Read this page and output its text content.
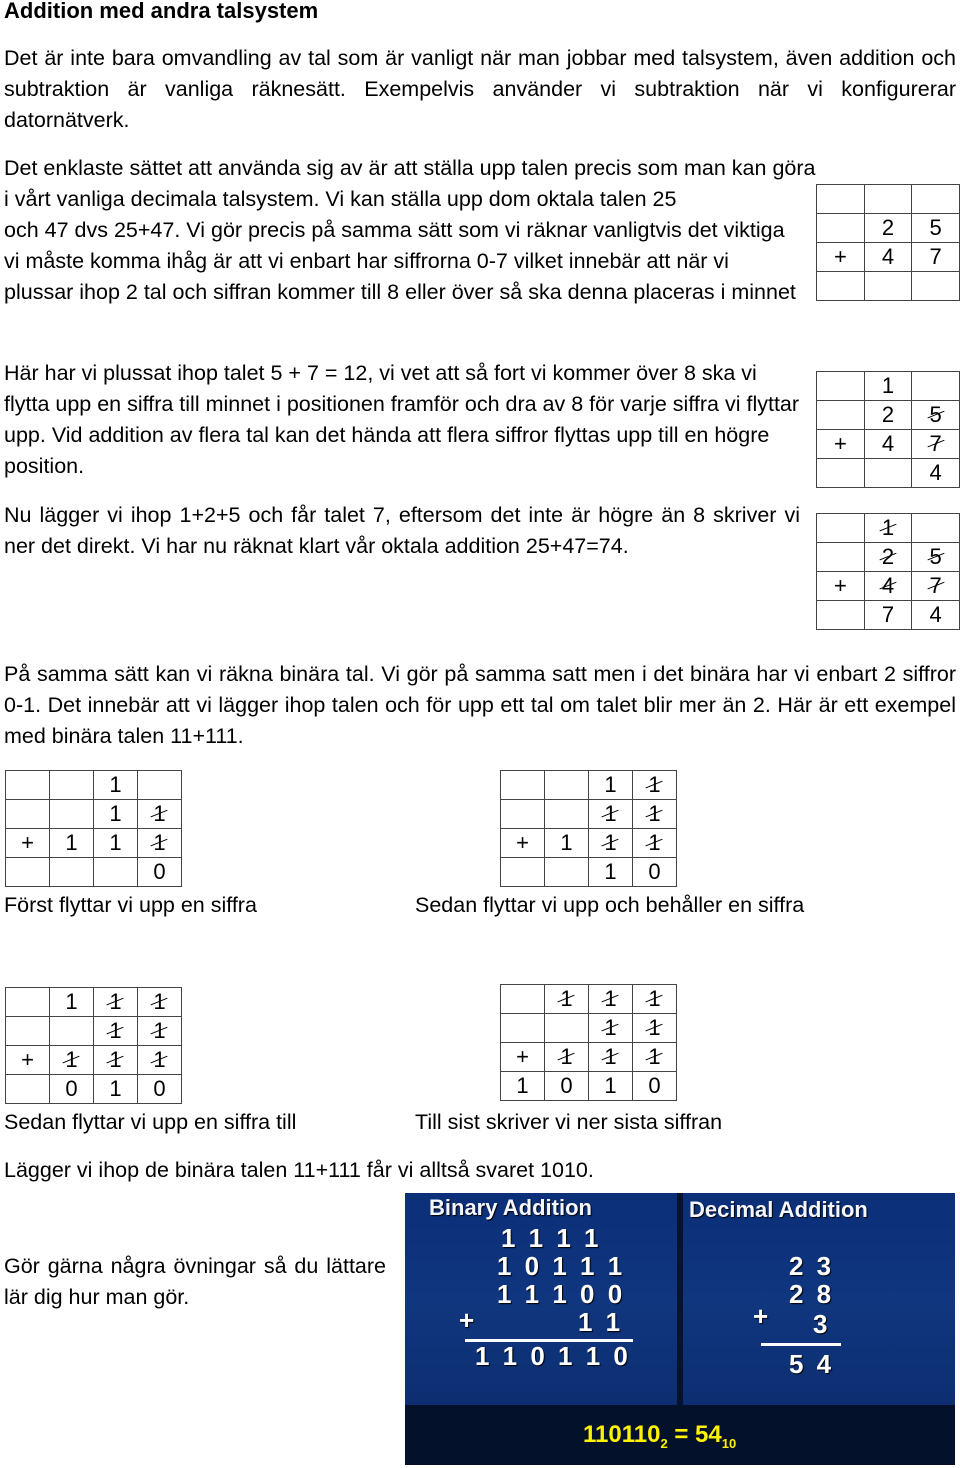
Addition med andra talsystem

Det är inte bara omvandling av tal som är vanligt när man jobbar med talsystem, även addition och subtraktion är vanliga räknesätt. Exempelvis använder vi subtraktion när vi konfigurerar datornätverk.

Det enklaste sättet att använda sig av är att ställa upp talen precis som man kan göra
i vårt vanliga decimala talsystem. Vi kan ställa upp dom oktala talen 25

och 47 dvs 25+47. Vi gör precis på samma sätt som vi räknar vanligtvis det viktiga vi måste komma ihåg är att vi enbart har siffrorna 0-7 vilket innebär att när vi plussar ihop 2 tal och siffran kommer till 8 eller över så ska denna placeras i minnet

	2	5
+	4	7

Här har vi plussat ihop talet 5 + 7 = 12, vi vet att så fort vi kommer över 8 ska vi flytta upp en siffra till minnet i positionen framför och dra av 8 för varje siffra vi flyttar upp. Vid addition av flera tal kan det hända att flera siffror flyttas upp till en högre position.

	1	
	2	5
+	4	7
		4

Nu lägger vi ihop 1+2+5 och får talet 7, eftersom det inte är högre än 8 skriver vi ner det direkt. Vi har nu räknat klart vår oktala addition 25+47=74.

	1	
	2	5
+	4	7
	7	4

På samma sätt kan vi räkna binära tal. Vi gör på samma satt men i det binära har vi enbart 2 siffror 0-1. Det innebär att vi lägger ihop talen och för upp ett tal om talet blir mer än 2. Här är ett exempel med binära talen 11+111.

		1	
		1	1
+	1	1	1
			0
Först flyttar vi upp en siffra
		1	1
		1	1
+	1	1	1
		1	0
Sedan flyttar vi upp och behåller en siffra
	1	1	1
		1	1
+	1	1	1
	0	1	0
Sedan flyttar vi upp en siffra till
	1	1	1
		1	1
+	1	1	1
1	0	1	0
Till sist skriver vi ner sista siffran
Lägger vi ihop de binära talen 11+111 får vi alltså svaret 1010.

Gör gärna några övningar så du lättare lär dig hur man gör.

Binary Addition	Decimal Addition
1 1 1 1
1 0 1 1 1
1 1 1 0 0
+	1 1
1 1 0 1 1 0
2 3
2 8
+ 3
5 4
$110110_2 = 54_{10}$
